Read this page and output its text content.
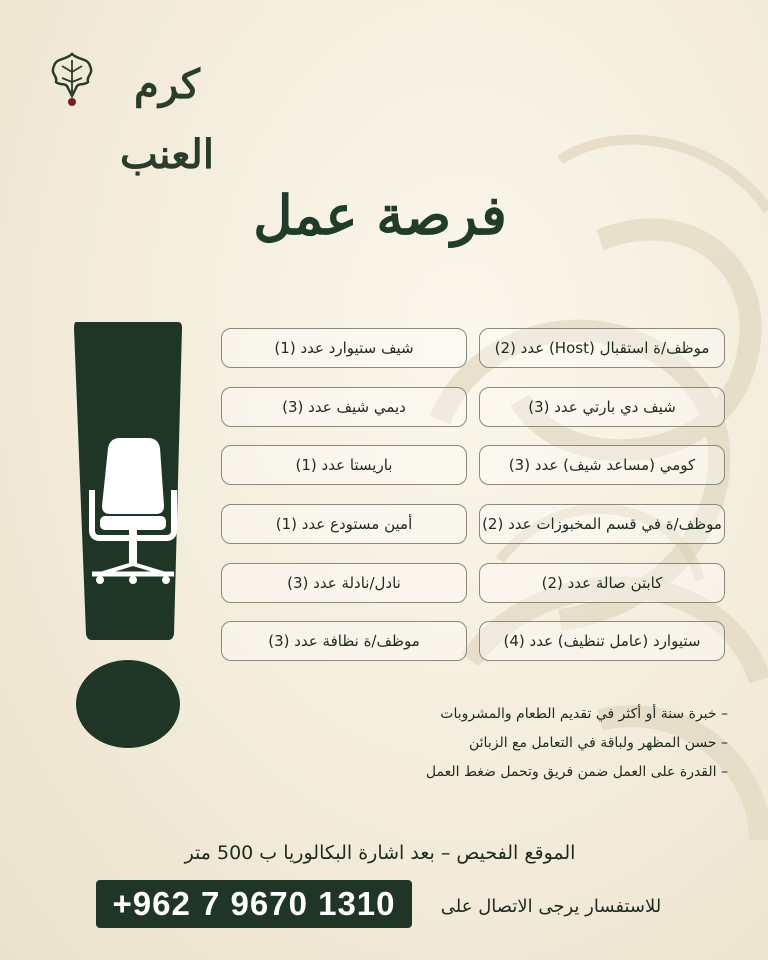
كرم العنب
فرصة عمل
موظف/ة استقبال (Host) عدد (2)
شيف دي بارتي عدد (3)
كومي (مساعد شيف) عدد (3)
موظف/ة في قسم المخبوزات عدد (2)
كابتن صالة عدد (2)
ستيوارد (عامل تنظيف) عدد (4)
شيف ستيوارد عدد (1)
ديمي شيف عدد (3)
باريستا عدد (1)
أمين مستودع عدد (1)
نادل/نادلة عدد (3)
موظف/ة نظافة عدد (3)
– خبرة سنة أو أكثر في تقديم الطعام والمشروبات
– حسن المظهر ولباقة في التعامل مع الزبائن
– القدرة على العمل ضمن فريق وتحمل ضغط العمل
الموقع الفحيص – بعد اشارة البكالوريا ب 500 متر
+962 7 9670 1310	للاستفسار يرجى الاتصال على
